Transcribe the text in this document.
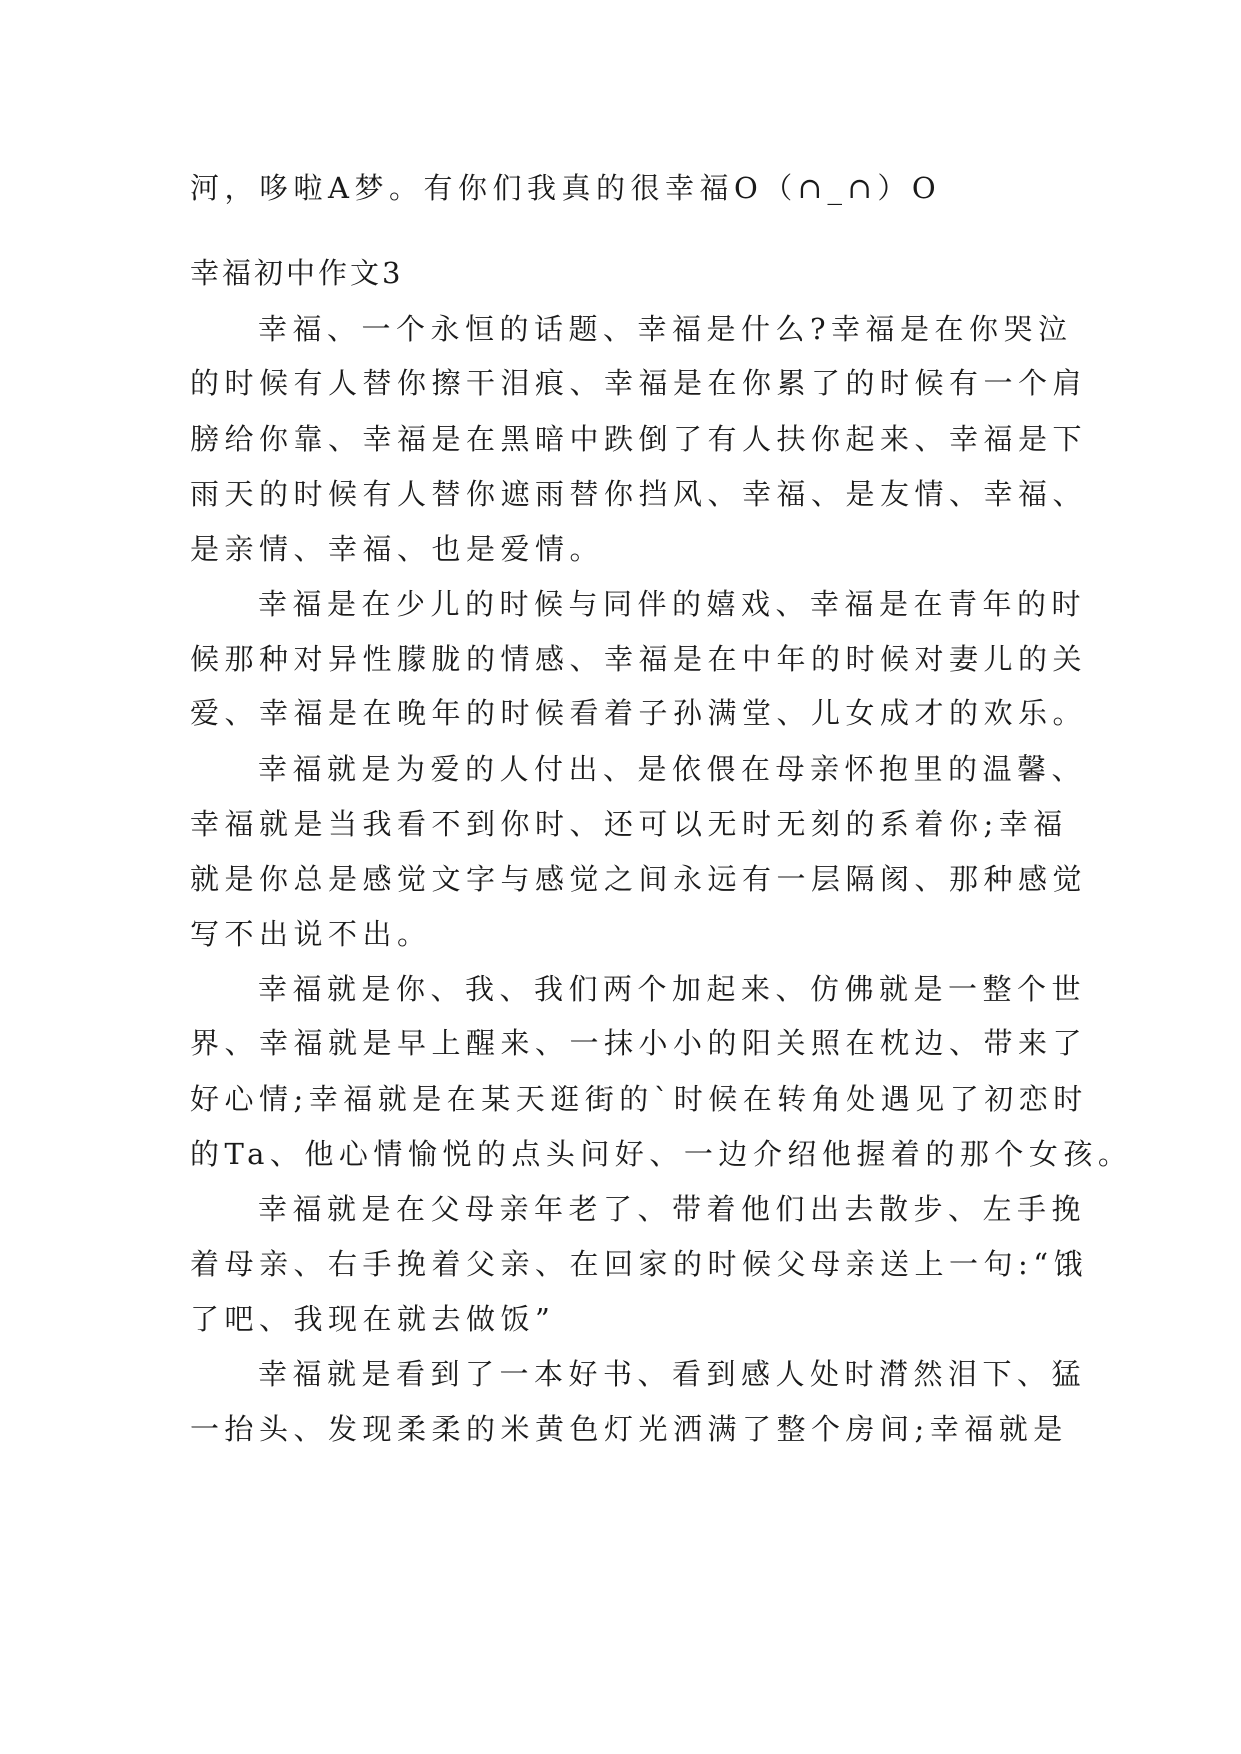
河，哆啦A梦。有你们我真的很幸福O（∩_∩）O
幸福初中作文3
幸福、一个永恒的话题、幸福是什么?幸福是在你哭泣
的时候有人替你擦干泪痕、幸福是在你累了的时候有一个肩
膀给你靠、幸福是在黑暗中跌倒了有人扶你起来、幸福是下
雨天的时候有人替你遮雨替你挡风、幸福、是友情、幸福、
是亲情、幸福、也是爱情。
幸福是在少儿的时候与同伴的嬉戏、幸福是在青年的时
候那种对异性朦胧的情感、幸福是在中年的时候对妻儿的关
爱、幸福是在晚年的时候看着子孙满堂、儿女成才的欢乐。
幸福就是为爱的人付出、是依偎在母亲怀抱里的温馨、
幸福就是当我看不到你时、还可以无时无刻的系着你;幸福
就是你总是感觉文字与感觉之间永远有一层隔阂、那种感觉
写不出说不出。
幸福就是你、我、我们两个加起来、仿佛就是一整个世
界、幸福就是早上醒来、一抹小小的阳关照在枕边、带来了
好心情;幸福就是在某天逛街的`时候在转角处遇见了初恋时
的Ta、他心情愉悦的点头问好、一边介绍他握着的那个女孩。
幸福就是在父母亲年老了、带着他们出去散步、左手挽
着母亲、右手挽着父亲、在回家的时候父母亲送上一句:“饿
了吧、我现在就去做饭”
幸福就是看到了一本好书、看到感人处时潸然泪下、猛
一抬头、发现柔柔的米黄色灯光洒满了整个房间;幸福就是
